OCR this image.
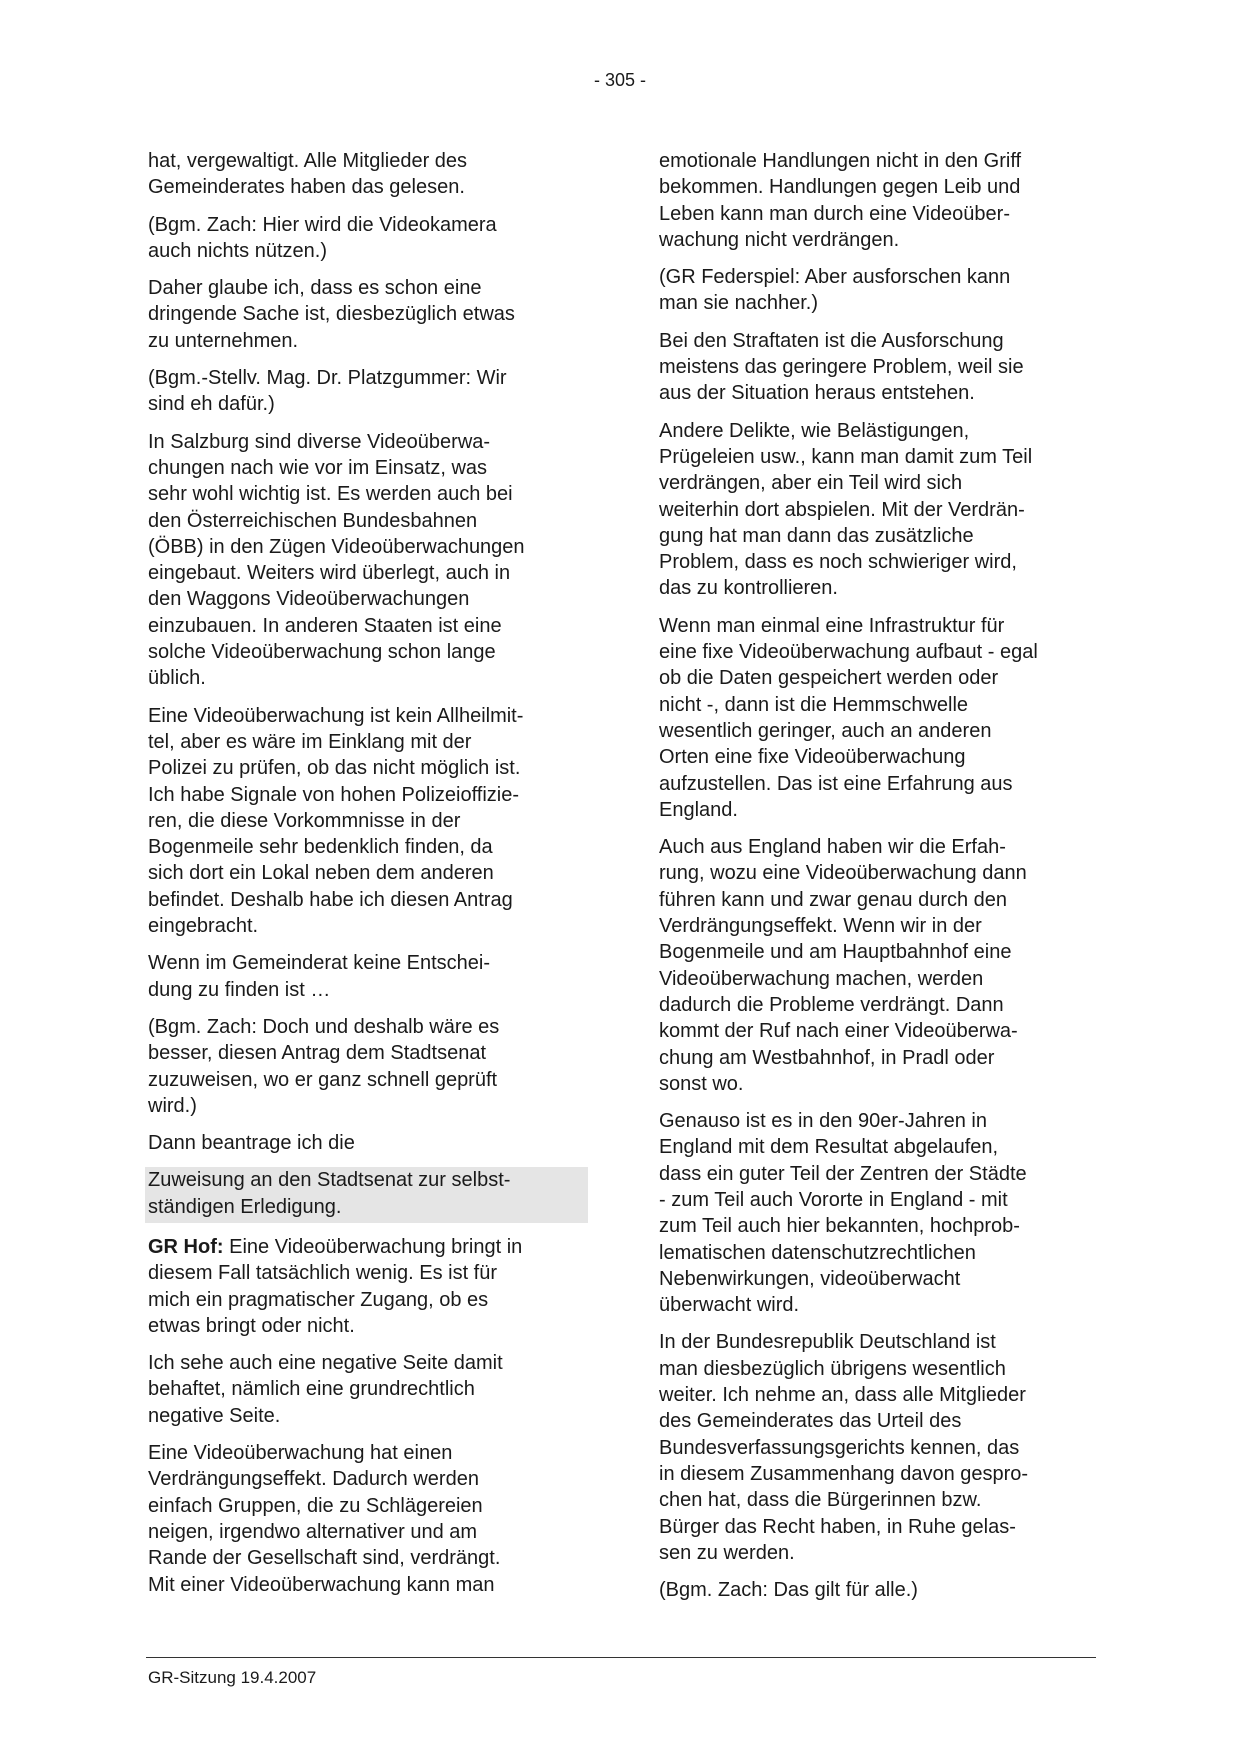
- 305 -
hat, vergewaltigt. Alle Mitglieder des
Gemeinderates haben das gelesen.
(Bgm. Zach: Hier wird die Videokamera
auch nichts nützen.)
Daher glaube ich, dass es schon eine
dringende Sache ist, diesbezüglich etwas
zu unternehmen.
(Bgm.-Stellv. Mag. Dr. Platzgummer: Wir
sind eh dafür.)
In Salzburg sind diverse Videoüberwa-
chungen nach wie vor im Einsatz, was
sehr wohl wichtig ist. Es werden auch bei
den Österreichischen Bundesbahnen
(ÖBB) in den Zügen Videoüberwachungen
eingebaut. Weiters wird überlegt, auch in
den Waggons Videoüberwachungen
einzubauen. In anderen Staaten ist eine
solche Videoüberwachung schon lange
üblich.
Eine Videoüberwachung ist kein Allheilmit-
tel, aber es wäre im Einklang mit der
Polizei zu prüfen, ob das nicht möglich ist.
Ich habe Signale von hohen Polizeioffizie-
ren, die diese Vorkommnisse in der
Bogenmeile sehr bedenklich finden, da
sich dort ein Lokal neben dem anderen
befindet. Deshalb habe ich diesen Antrag
eingebracht.
Wenn im Gemeinderat keine Entschei-
dung zu finden ist …
(Bgm. Zach: Doch und deshalb wäre es
besser, diesen Antrag dem Stadtsenat
zuzuweisen, wo er ganz schnell geprüft
wird.)
Dann beantrage ich die
Zuweisung an den Stadtsenat zur selbst-
ständigen Erledigung.
GR Hof: Eine Videoüberwachung bringt in
diesem Fall tatsächlich wenig. Es ist für
mich ein pragmatischer Zugang, ob es
etwas bringt oder nicht.
Ich sehe auch eine negative Seite damit
behaftet, nämlich eine grundrechtlich
negative Seite.
Eine Videoüberwachung hat einen
Verdrängungseffekt. Dadurch werden
einfach Gruppen, die zu Schlägereien
neigen, irgendwo alternativer und am
Rande der Gesellschaft sind, verdrängt.
Mit einer Videoüberwachung kann man
emotionale Handlungen nicht in den Griff
bekommen. Handlungen gegen Leib und
Leben kann man durch eine Videoüber-
wachung nicht verdrängen.
(GR Federspiel: Aber ausforschen kann
man sie nachher.)
Bei den Straftaten ist die Ausforschung
meistens das geringere Problem, weil sie
aus der Situation heraus entstehen.
Andere Delikte, wie Belästigungen,
Prügeleien usw., kann man damit zum Teil
verdrängen, aber ein Teil wird sich
weiterhin dort abspielen. Mit der Verdrän-
gung hat man dann das zusätzliche
Problem, dass es noch schwieriger wird,
das zu kontrollieren.
Wenn man einmal eine Infrastruktur für
eine fixe Videoüberwachung aufbaut - egal
ob die Daten gespeichert werden oder
nicht -, dann ist die Hemmschwelle
wesentlich geringer, auch an anderen
Orten eine fixe Videoüberwachung
aufzustellen. Das ist eine Erfahrung aus
England.
Auch aus England haben wir die Erfah-
rung, wozu eine Videoüberwachung dann
führen kann und zwar genau durch den
Verdrängungseffekt. Wenn wir in der
Bogenmeile und am Hauptbahnhof eine
Videoüberwachung machen, werden
dadurch die Probleme verdrängt. Dann
kommt der Ruf nach einer Videoüberwa-
chung am Westbahnhof, in Pradl oder
sonst wo.
Genauso ist es in den 90er-Jahren in
England mit dem Resultat abgelaufen,
dass ein guter Teil der Zentren der Städte
- zum Teil auch Vororte in England - mit
zum Teil auch hier bekannten, hochprob-
lematischen datenschutzrechtlichen
Nebenwirkungen, videoüberwacht
überwacht wird.
In der Bundesrepublik Deutschland ist
man diesbezüglich übrigens wesentlich
weiter. Ich nehme an, dass alle Mitglieder
des Gemeinderates das Urteil des
Bundesverfassungsgerichts kennen, das
in diesem Zusammenhang davon gespro-
chen hat, dass die Bürgerinnen bzw.
Bürger das Recht haben, in Ruhe gelas-
sen zu werden.
(Bgm. Zach: Das gilt für alle.)
GR-Sitzung 19.4.2007
